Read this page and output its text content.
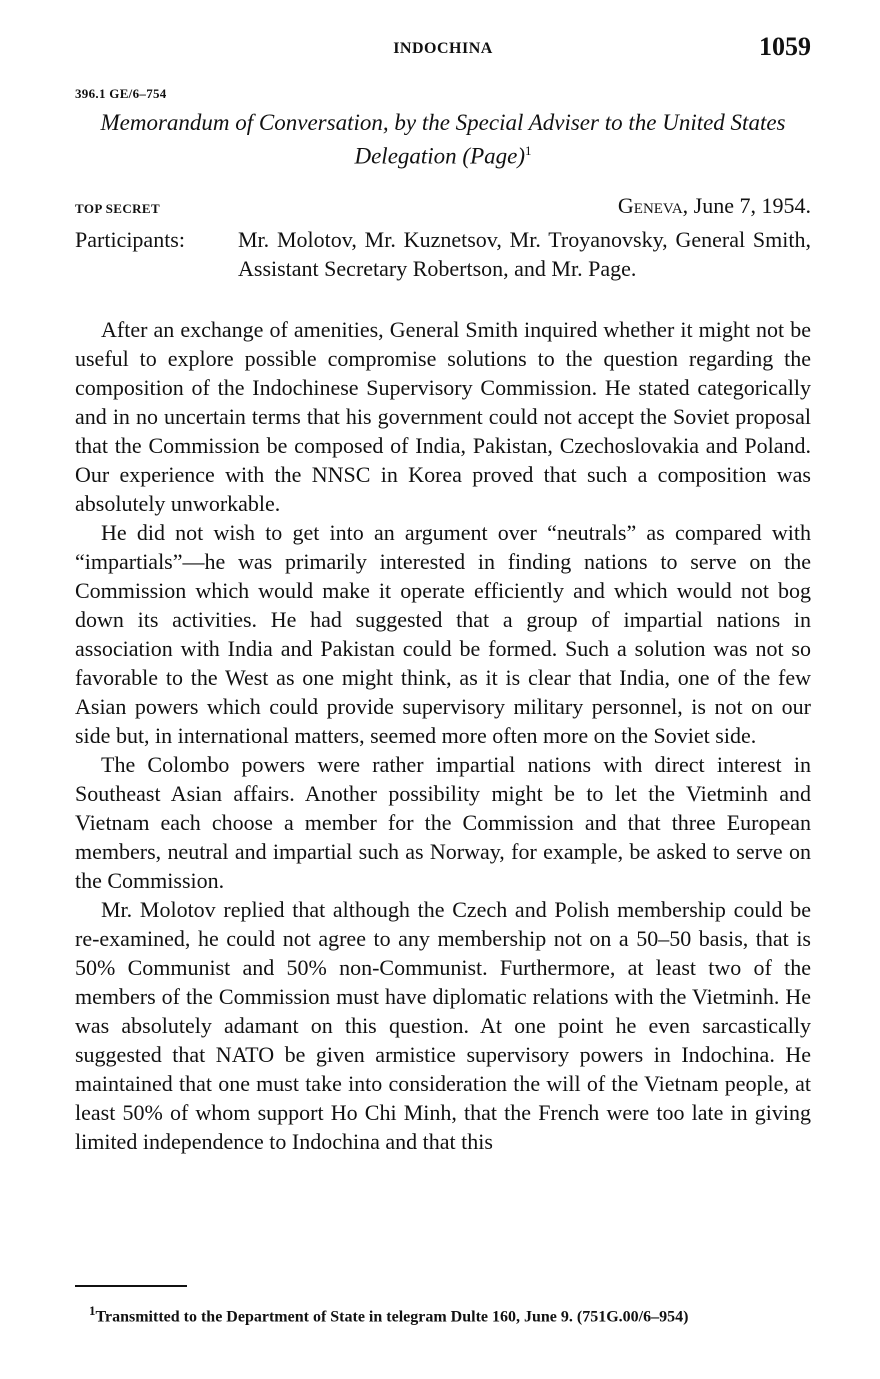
INDOCHINA	1059
396.1 GE/6–754
Memorandum of Conversation, by the Special Adviser to the United States Delegation (Page)$^1$
TOP SECRET	Geneva, June 7, 1954.
Participants: Mr. Molotov, Mr. Kuznetsov, Mr. Troyanovsky, General Smith, Assistant Secretary Robertson, and Mr. Page.

After an exchange of amenities, General Smith inquired whether it might not be useful to explore possible compromise solutions to the question regarding the composition of the Indochinese Supervisory Commission. He stated categorically and in no uncertain terms that his government could not accept the Soviet proposal that the Commission be composed of India, Pakistan, Czechoslovakia and Poland. Our experience with the NNSC in Korea proved that such a composition was absolutely unworkable.

He did not wish to get into an argument over “neutrals” as compared with “impartials”—he was primarily interested in finding nations to serve on the Commission which would make it operate efficiently and which would not bog down its activities. He had suggested that a group of impartial nations in association with India and Pakistan could be formed. Such a solution was not so favorable to the West as one might think, as it is clear that India, one of the few Asian powers which could provide supervisory military personnel, is not on our side but, in international matters, seemed more often more on the Soviet side.

The Colombo powers were rather impartial nations with direct interest in Southeast Asian affairs. Another possibility might be to let the Vietminh and Vietnam each choose a member for the Commission and that three European members, neutral and impartial such as Norway, for example, be asked to serve on the Commission.

Mr. Molotov replied that although the Czech and Polish membership could be re-examined, he could not agree to any membership not on a 50–50 basis, that is 50% Communist and 50% non-Communist. Furthermore, at least two of the members of the Commission must have diplomatic relations with the Vietminh. He was absolutely adamant on this question. At one point he even sarcastically suggested that NATO be given armistice supervisory powers in Indochina. He maintained that one must take into consideration the will of the Vietnam people, at least 50% of whom support Ho Chi Minh, that the French were too late in giving limited independence to Indochina and that this

$^1$Transmitted to the Department of State in telegram Dulte 160, June 9. (751G.00/6–954)
